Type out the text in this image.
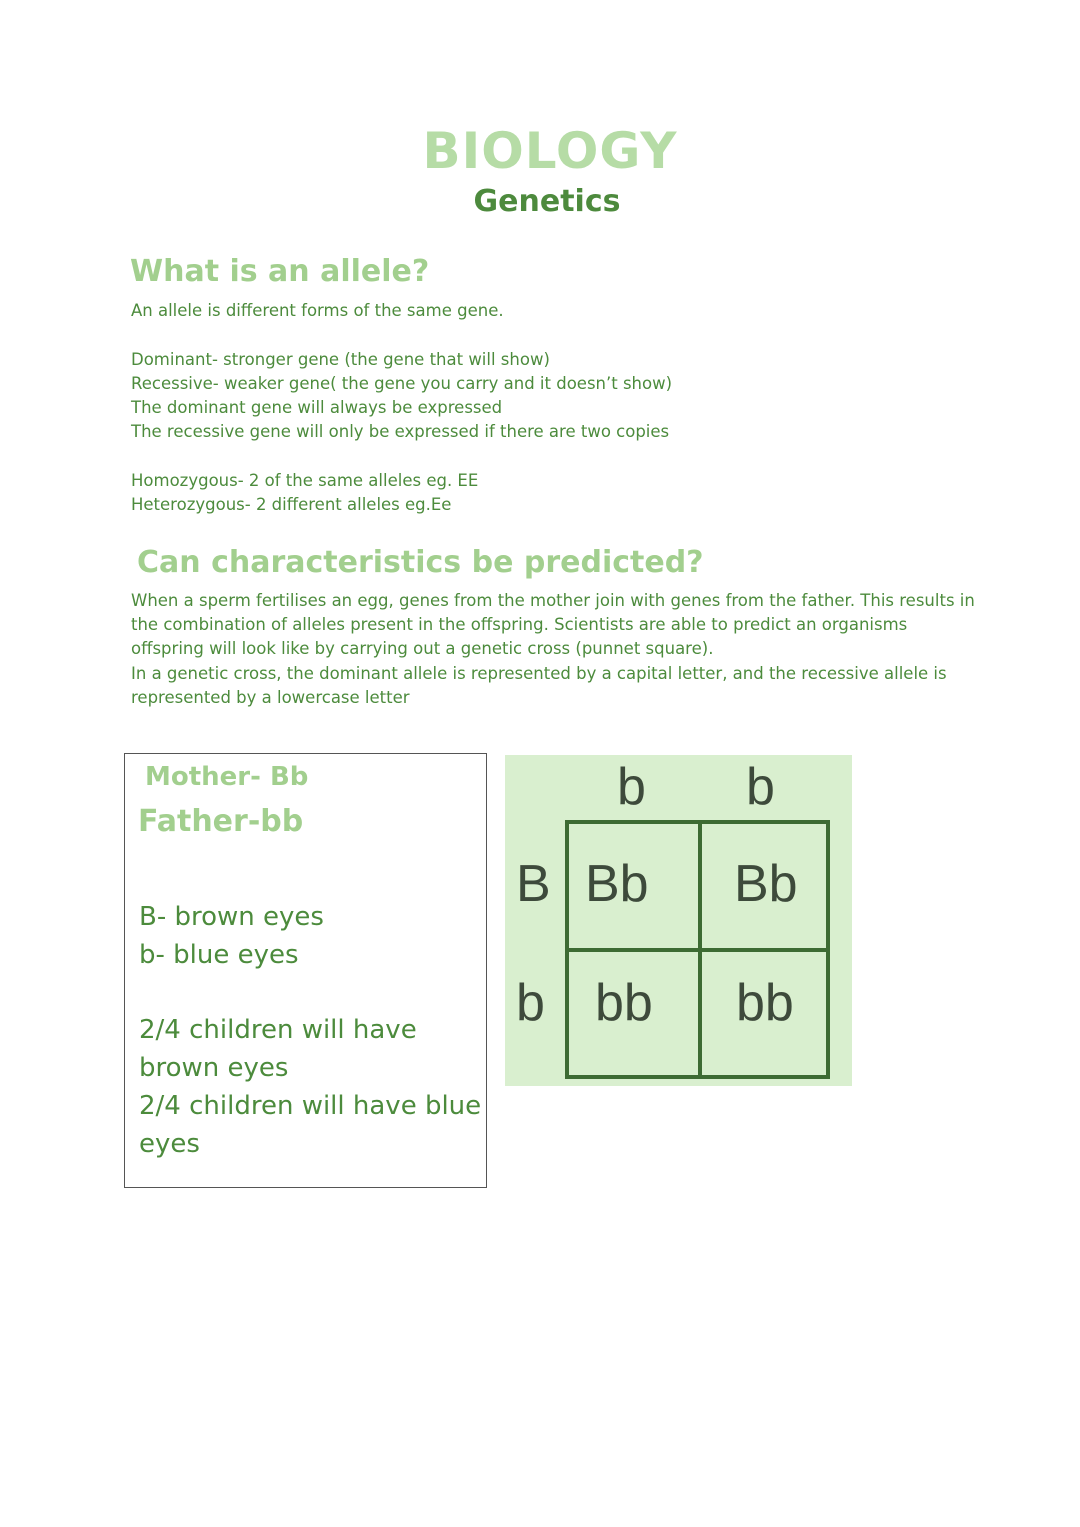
BIOLOGY
Genetics
What is an allele?

An allele is different forms of the same gene.

Dominant- stronger gene (the gene that will show)

Recessive- weaker gene( the gene you carry and it doesn’t show)

The dominant gene will always be expressed

The recessive gene will only be expressed if there are two copies

Homozygous- 2 of the same alleles eg. EE

Heterozygous- 2 different alleles eg.Ee

Can characteristics be predicted?

When a sperm fertilises an egg, genes from the mother join with genes from the father. This results in

the combination of alleles present in the offspring. Scientists are able to predict an organisms

offspring will look like by carrying out a genetic cross (punnet square).

In a genetic cross, the dominant allele is represented by a capital letter, and the recessive allele is

represented by a lowercase letter

Mother- Bb
Father-bb
B- brown eyes
b- blue eyes
2/4 children will have
brown eyes
2/4 children will have blue
eyes
b b
B
b
Bb Bb
bb bb
